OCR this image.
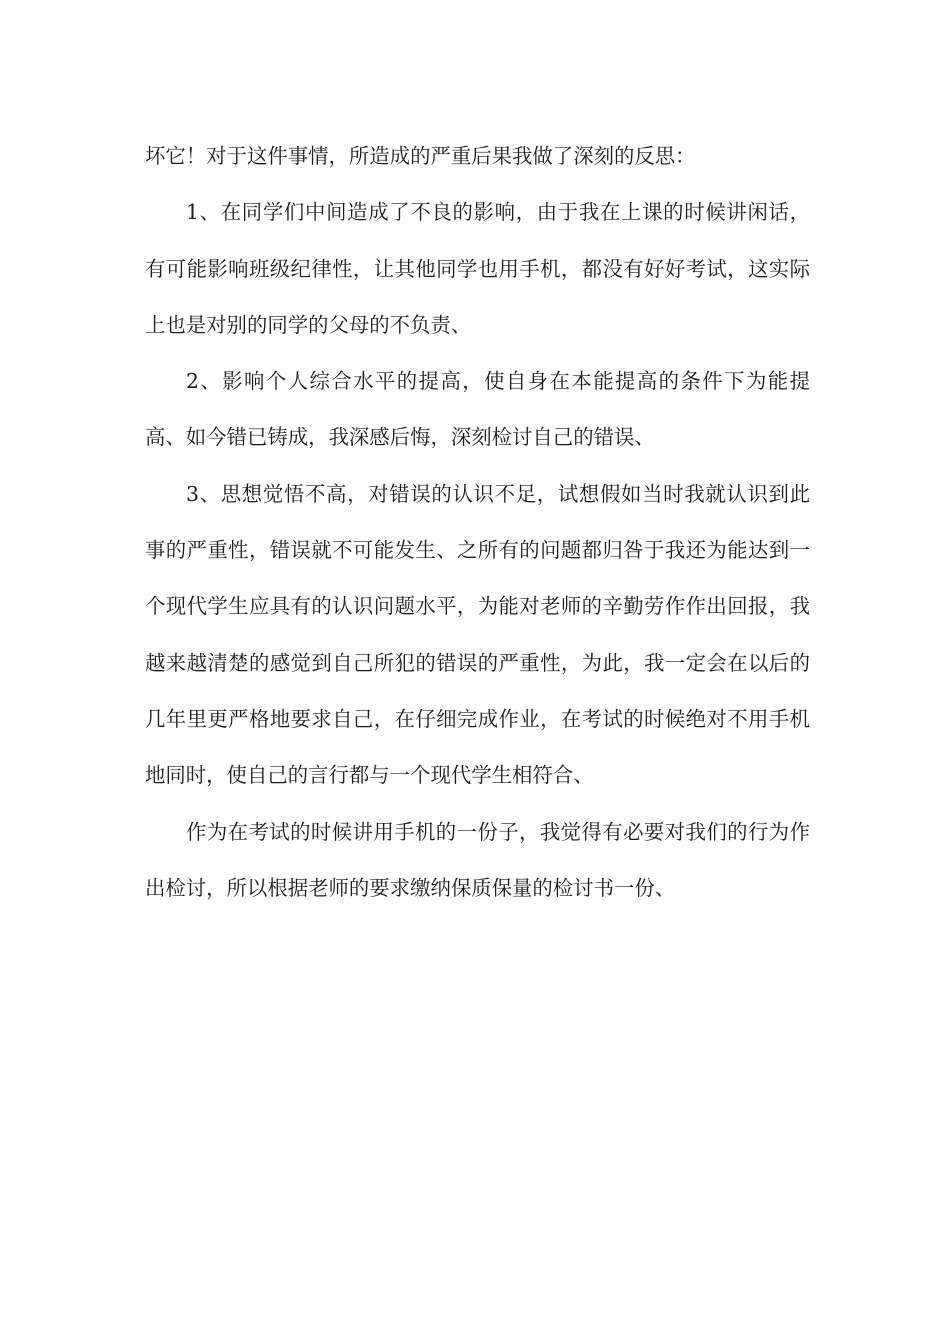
坏它！对于这件事情，所造成的严重后果我做了深刻的反思：

1、在同学们中间造成了不良的影响，由于我在上课的时候讲闲话，有可能影响班级纪律性，让其他同学也用手机，都没有好好考试，这实际上也是对别的同学的父母的不负责、

2、影响个人综合水平的提高，使自身在本能提高的条件下为能提高、如今错已铸成，我深感后悔，深刻检讨自己的错误、

3、思想觉悟不高，对错误的认识不足，试想假如当时我就认识到此事的严重性，错误就不可能发生、之所有的问题都归咎于我还为能达到一个现代学生应具有的认识问题水平，为能对老师的辛勤劳作作出回报，我越来越清楚的感觉到自己所犯的错误的严重性，为此，我一定会在以后的几年里更严格地要求自己，在仔细完成作业，在考试的时候绝对不用手机地同时，使自己的言行都与一个现代学生相符合、

作为在考试的时候讲用手机的一份子，我觉得有必要对我们的行为作出检讨，所以根据老师的要求缴纳保质保量的检讨书一份、
